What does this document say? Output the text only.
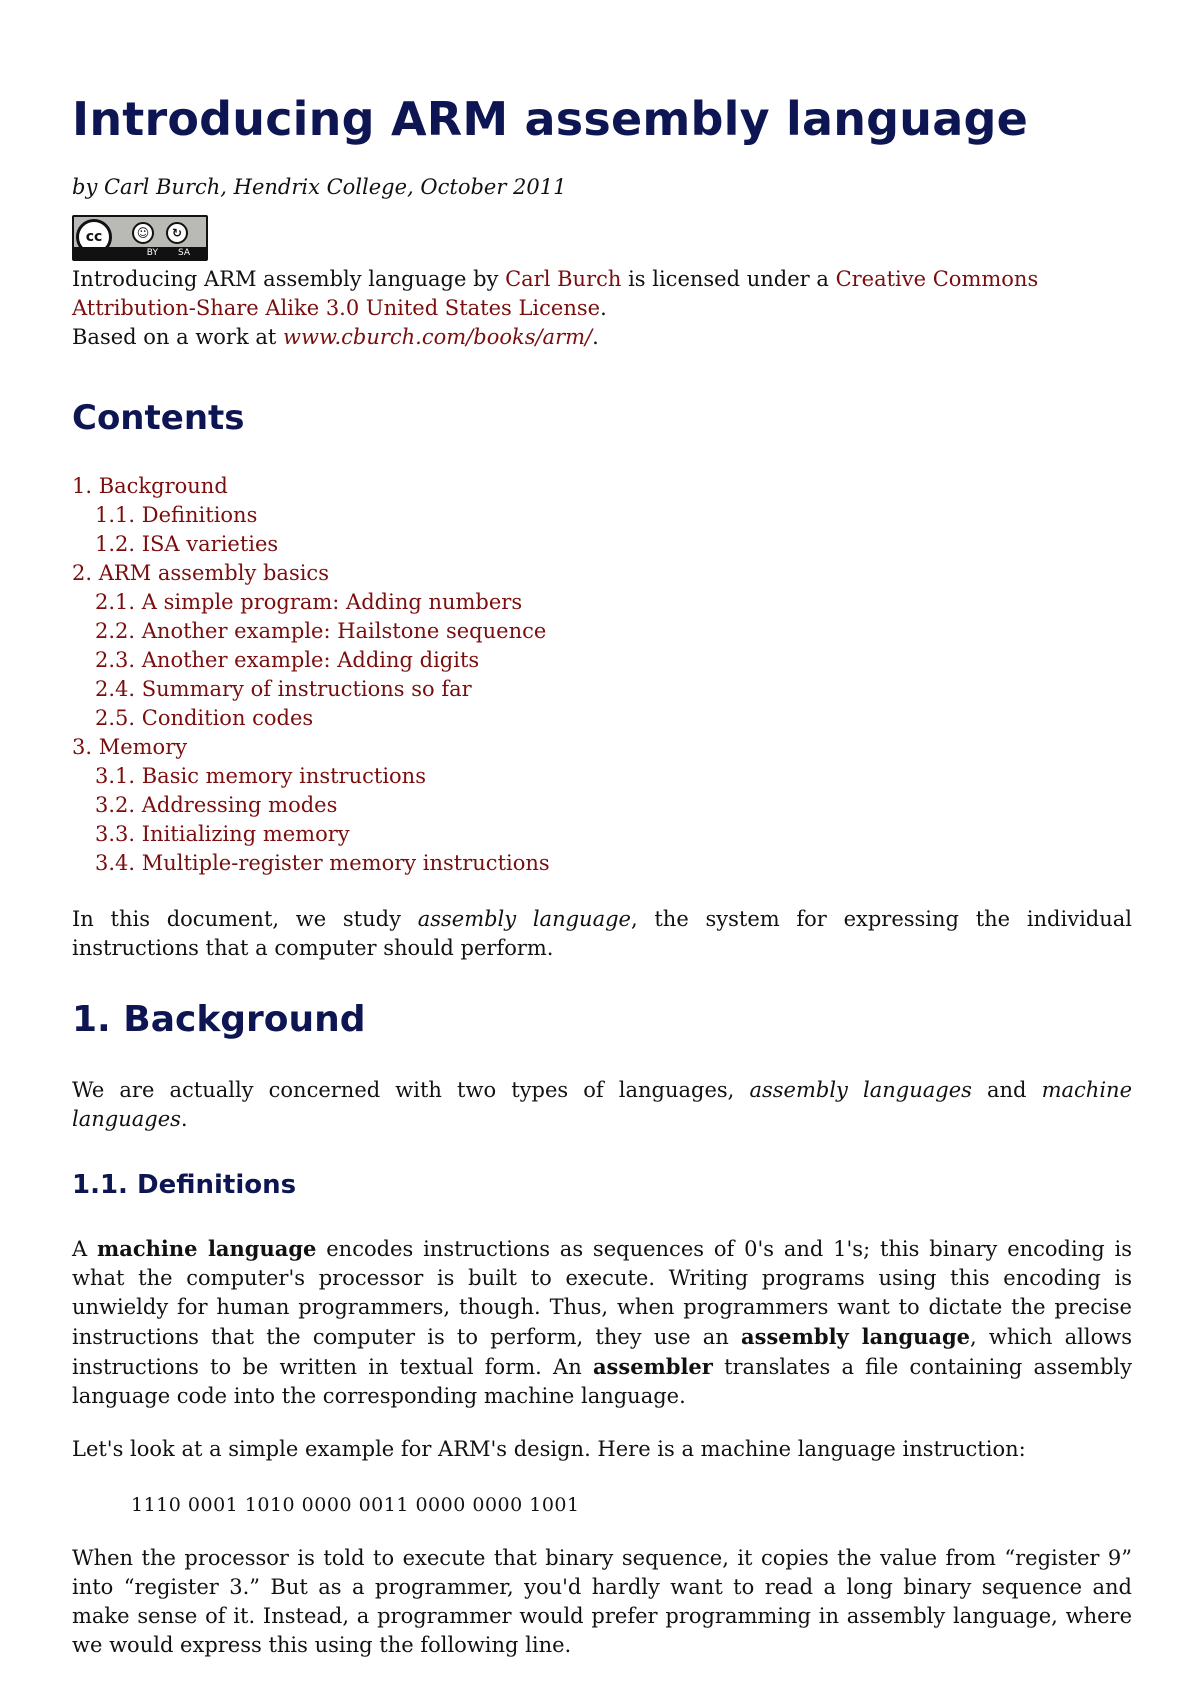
Introducing ARM assembly language
by Carl Burch, Hendrix College, October 2011
cc	☺	↻
BY SA
Introducing ARM assembly language by Carl Burch is licensed under a Creative Commons Attribution-Share Alike 3.0 United States License.
Based on a work at www.cburch.com/books/arm/.
Contents
1. Background
1.1. Definitions
1.2. ISA varieties
2. ARM assembly basics
2.1. A simple program: Adding numbers
2.2. Another example: Hailstone sequence
2.3. Another example: Adding digits
2.4. Summary of instructions so far
2.5. Condition codes
3. Memory
3.1. Basic memory instructions
3.2. Addressing modes
3.3. Initializing memory
3.4. Multiple-register memory instructions

In this document, we study assembly language, the system for expressing the individual instructions that a computer should perform.

1. Background

We are actually concerned with two types of languages, assembly languages and machine languages.

1.1. Definitions

A machine language encodes instructions as sequences of 0's and 1's; this binary encoding is what the computer's processor is built to execute. Writing programs using this encoding is unwieldy for human programmers, though. Thus, when programmers want to dictate the precise instructions that the computer is to perform, they use an assembly language, which allows instructions to be written in textual form. An assembler translates a file containing assembly language code into the corresponding machine language.

Let's look at a simple example for ARM's design. Here is a machine language instruction:

1110 0001 1010 0000 0011 0000 0000 1001

When the processor is told to execute that binary sequence, it copies the value from “register 9” into “register 3.” But as a programmer, you'd hardly want to read a long binary sequence and make sense of it. Instead, a programmer would prefer programming in assembly language, where we would express this using the following line.
